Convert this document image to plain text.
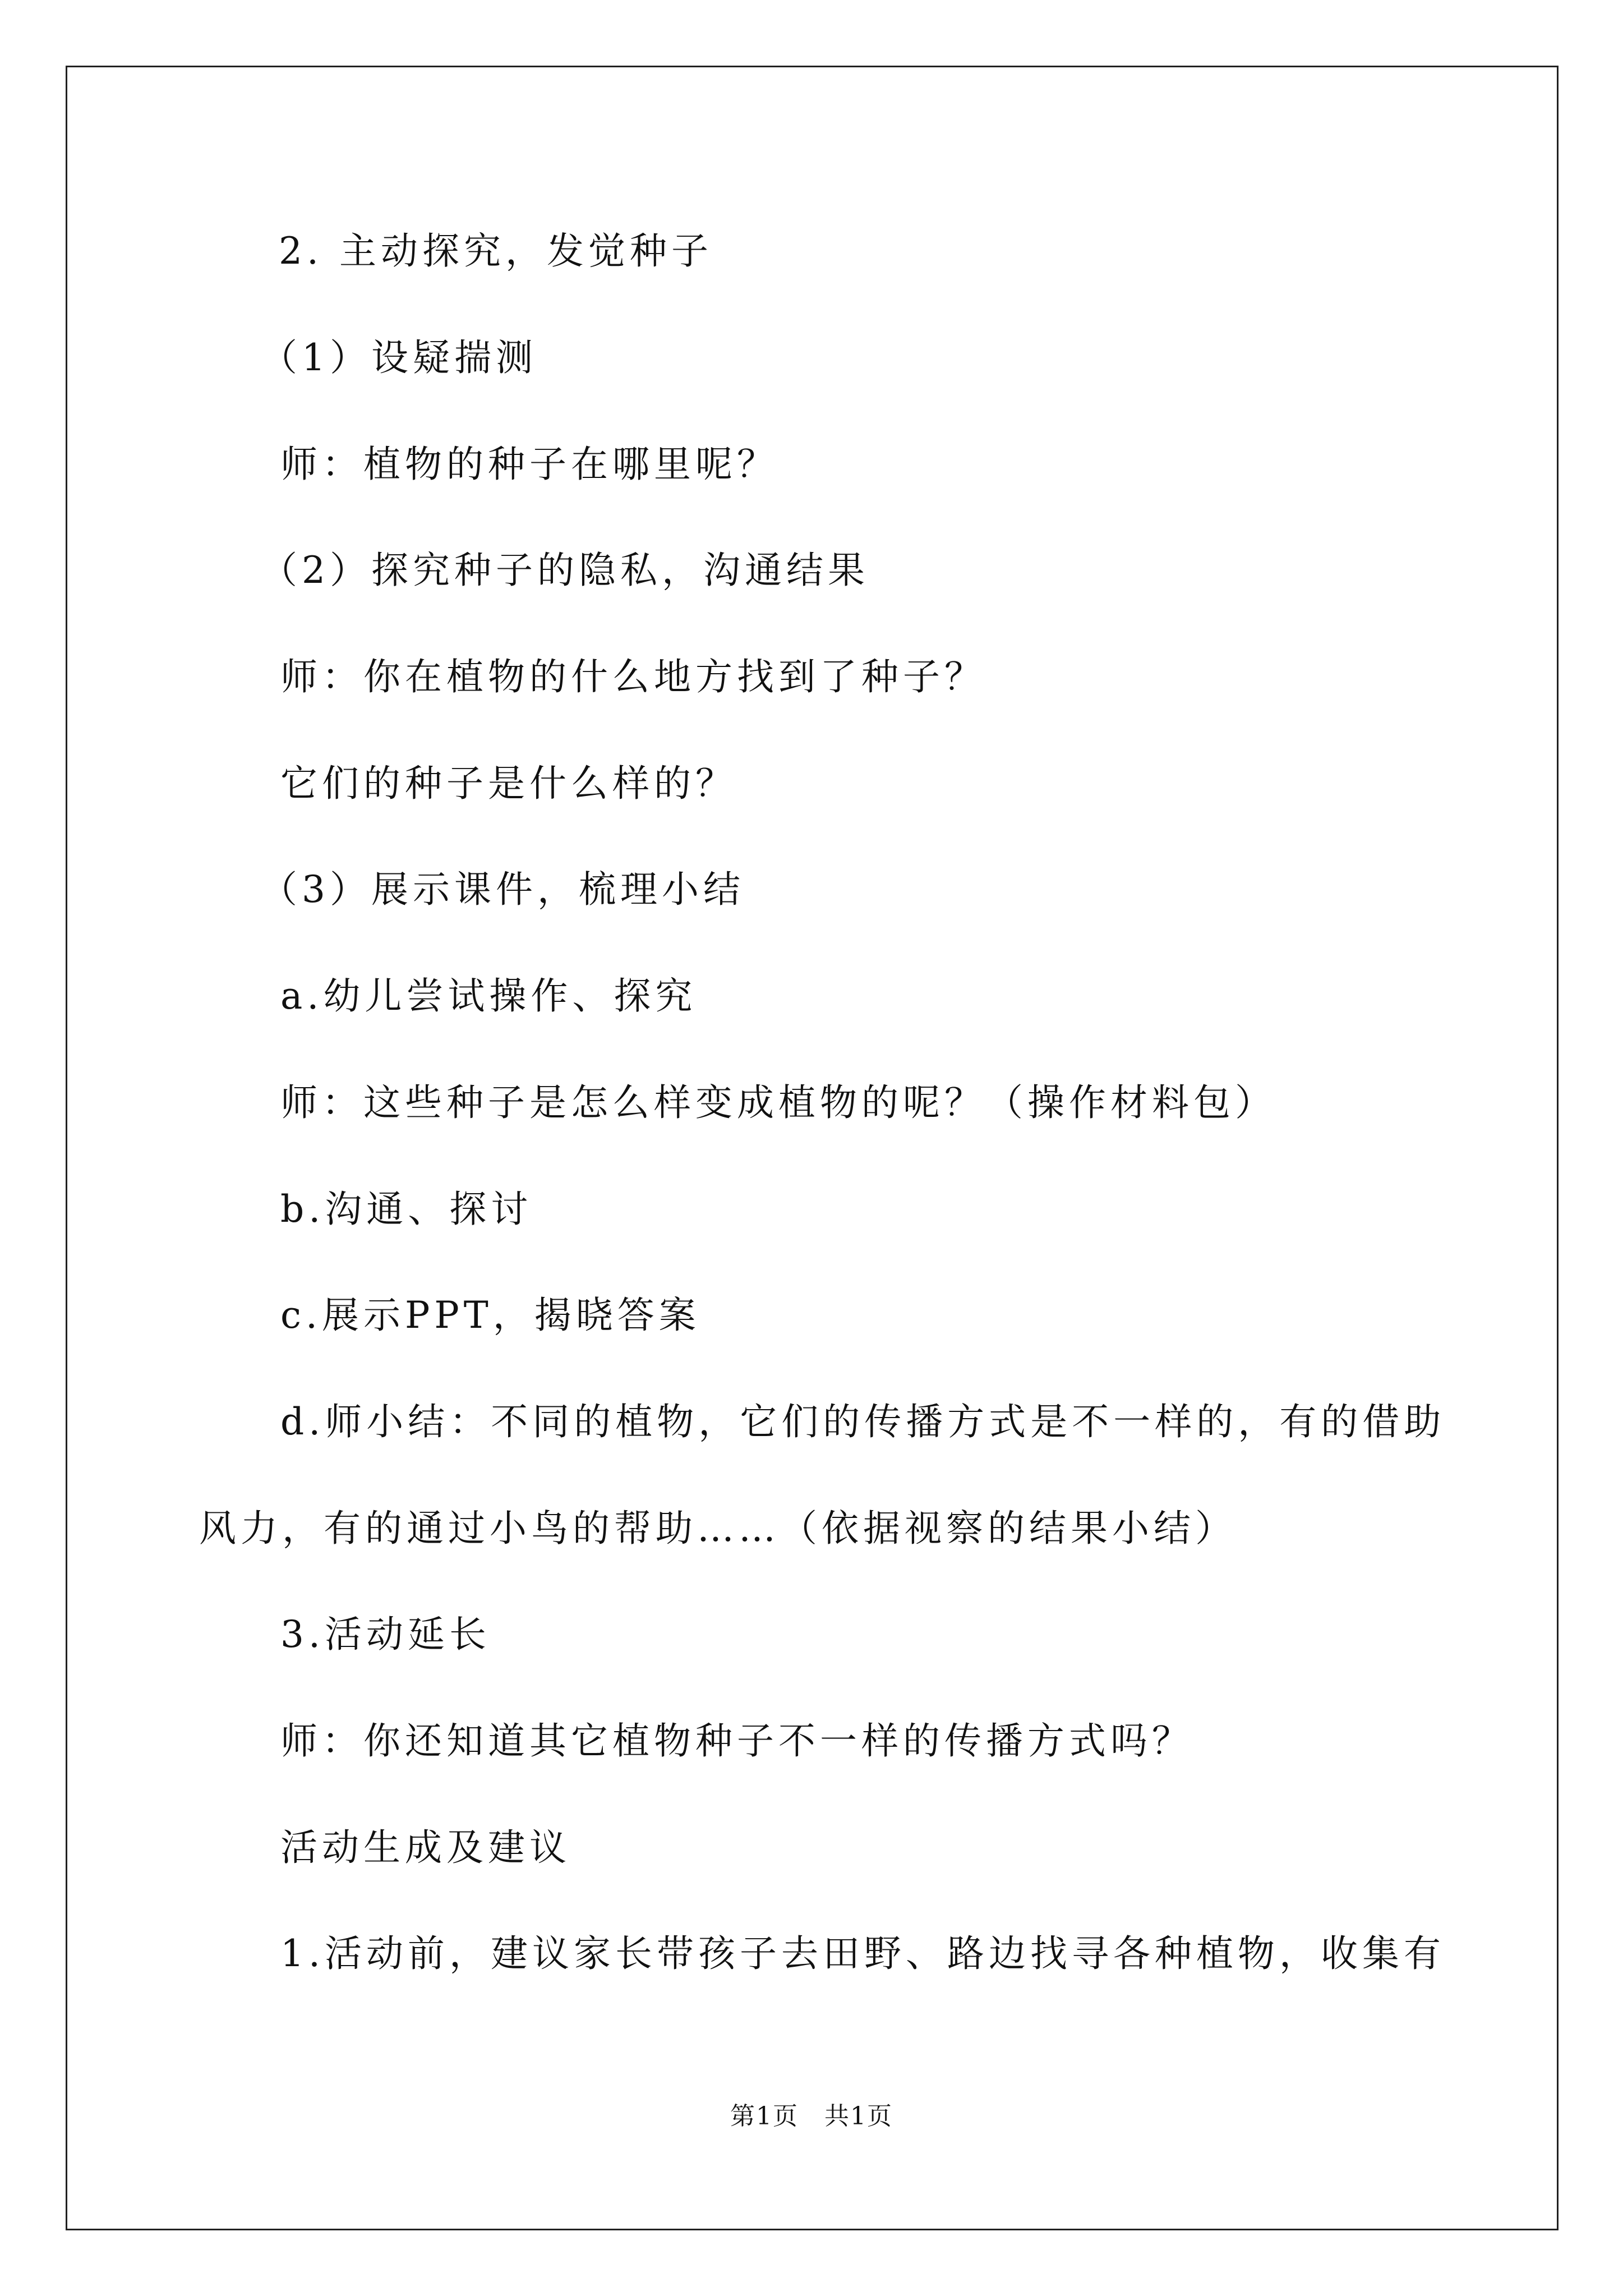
2. 主动探究，发觉种子
（1）设疑揣测
师：植物的种子在哪里呢？
（2）探究种子的隐私，沟通结果
师：你在植物的什么地方找到了种子？
它们的种子是什么样的？
（3）展示课件，梳理小结
a.幼儿尝试操作、探究
师：这些种子是怎么样变成植物的呢？（操作材料包）
b.沟通、探讨
c.展示PPT，揭晓答案
d.师小结：不同的植物，它们的传播方式是不一样的，有的借助
风力，有的通过小鸟的帮助……（依据视察的结果小结）
3.活动延长
师：你还知道其它植物种子不一样的传播方式吗？
活动生成及建议
1.活动前，建议家长带孩子去田野、路边找寻各种植物，收集有
第1页　共1页
